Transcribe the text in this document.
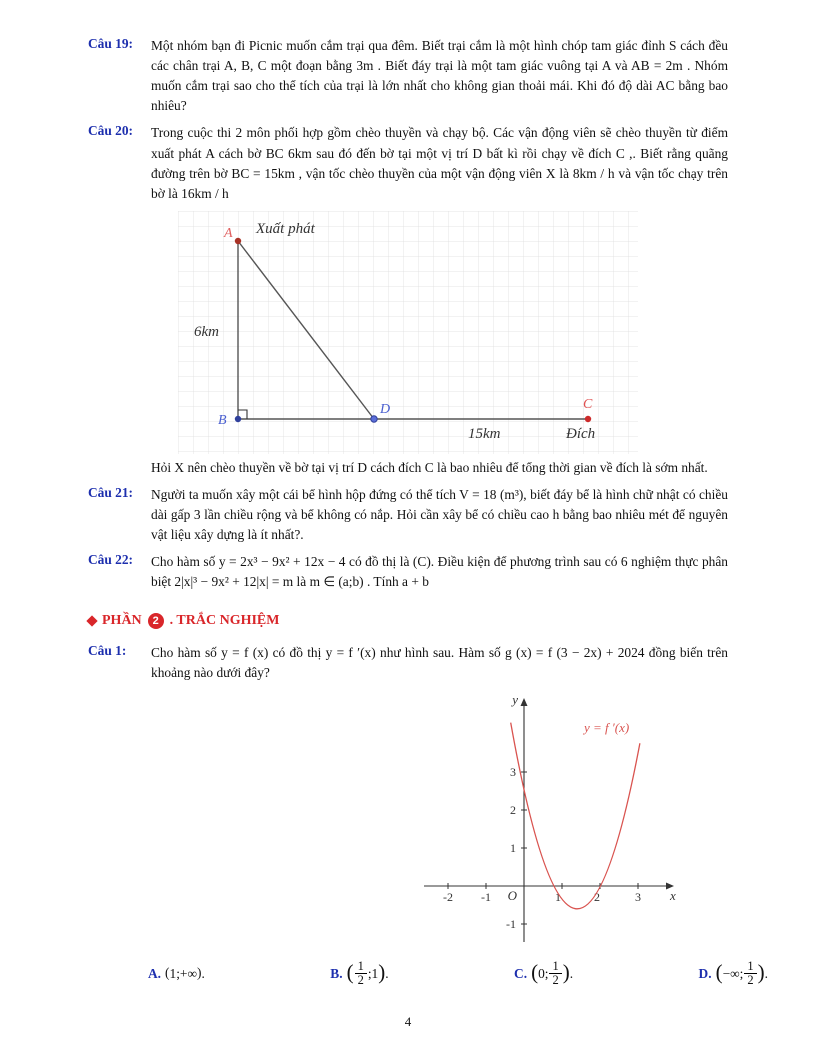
Câu 19:	Một nhóm bạn đi Picnic muốn cắm trại qua đêm. Biết trại cắm là một hình chóp tam giác đỉnh S cách đều các chân trại A, B, C một đoạn bằng 3m . Biết đáy trại là một tam giác vuông tại A và AB = 2m . Nhóm muốn cắm trại sao cho thể tích của trại là lớn nhất cho không gian thoải mái. Khi đó độ dài AC bằng bao nhiêu?
Câu 20:	Trong cuộc thi 2 môn phối hợp gồm chèo thuyền và chạy bộ. Các vận động viên sẽ chèo thuyền từ điểm xuất phát A cách bờ BC 6km sau đó đến bờ tại một vị trí D bất kì rồi chạy về đích C ,. Biết rằng quãng đường trên bờ BC = 15km , vận tốc chèo thuyền của một vận động viên X là 8km / h và vận tốc chạy trên bờ là 16km / h
A Xuất phát
B
D	C
6km
15km	Đích
Hỏi X nên chèo thuyền về bờ tại vị trí D cách đích C là bao nhiêu để tổng thời gian về đích là sớm nhất.
Câu 21:	Người ta muốn xây một cái bể hình hộp đứng có thể tích V = 18 (m³), biết đáy bể là hình chữ nhật có chiều dài gấp 3 lần chiều rộng và bể không có nắp. Hỏi cần xây bể có chiều cao h bằng bao nhiêu mét để nguyên vật liệu xây dựng là ít nhất?.
Câu 22:	Cho hàm số y = 2x³ − 9x² + 12x − 4 có đồ thị là (C). Điều kiện để phương trình sau có 6 nghiệm thực phân biệt 2|x|³ − 9x² + 12|x| = m là m ∈ (a;b) . Tính a + b
PHẦN 2 . TRẮC NGHIỆM
Câu 1:	Cho hàm số y = f (x) có đồ thị y = f ′(x) như hình sau. Hàm số g (x) = f (3 − 2x) + 2024 đồng biến trên khoảng nào dưới đây?
-2 -1	1	2	3
1
2
3
-1
O	x
y
y = f ′(x)
A. ( 1;+∞ ) .	B. ( $\frac{1}{2}$ ;1 ) .	C. ( 0; $\frac{1}{2}$ ) .	D. ( −∞; $\frac{1}{2}$ ) .
4
